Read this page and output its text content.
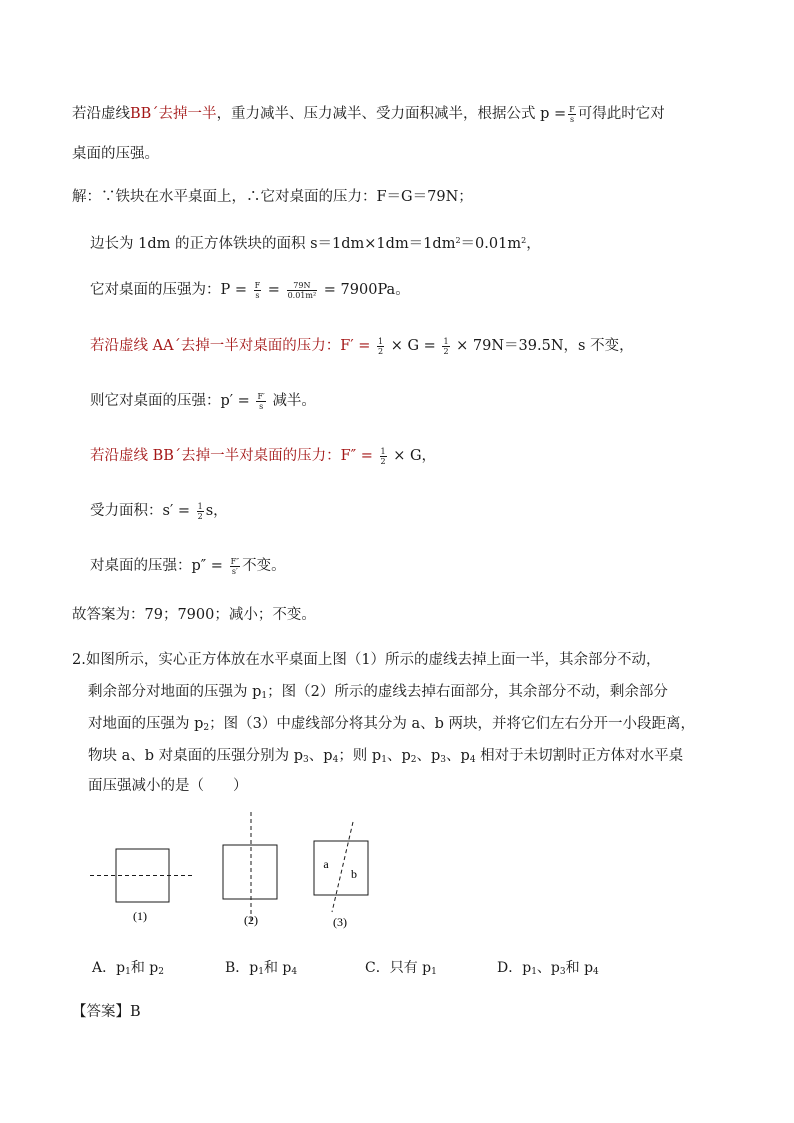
若沿虚线BB´去掉一半，重力减半、压力减半、受力面积减半，根据公式 $p = \frac{F}{s}$ 可得此时它对
桌面的压强。
解：∵铁块在水平桌面上，∴它对桌面的压力：F＝G＝79N；
边长为 1dm 的正方体铁块的面积 $s=1dm\times 1dm=1dm^2=0.01m^2$，
它对桌面的压强为：$P = \frac{F}{s} = \frac{79N}{\text{0.01m²}} = 7900Pa$。
若沿虚线 AA´去掉一半对桌面的压力：$F' = \frac{1}{2} \times G = \frac{1}{2} \times 79N=39.5N$，s 不变，
则它对桌面的压强：$p' = \frac{F'}{s}$ 减半。
若沿虚线 BB´去掉一半对桌面的压力：$F'' = \frac{1}{2} \times G$，
受力面积：$s' = \frac{1}{2}$ s，
对桌面的压强：$p'' = \frac{F''}{s'}$ 不变。
故答案为：79；7900；减小；不变。
2.如图所示，实心正方体放在水平桌面上图（1）所示的虚线去掉上面一半，其余部分不动，
剩余部分对地面的压强为 $p_1$；图（2）所示的虚线去掉右面部分，其余部分不动，剩余部分
对地面的压强为 $p_2$；图（3）中虚线部分将其分为 a、b 两块，并将它们左右分开一小段距离，
物块 a、b 对桌面的压强分别为 $p_3$、$p_4$；则 $p_1$、$p_2$、$p_3$、$p_4$ 相对于未切割时正方体对水平桌
面压强减小的是（　　）
(1)	(2)
a
b
(3)
A．$p_1$和 $p_2$	B．$p_1$和 $p_4$	C．只有 $p_1$	D．$p_1$、$p_3$和 $p_4$
【答案】B
